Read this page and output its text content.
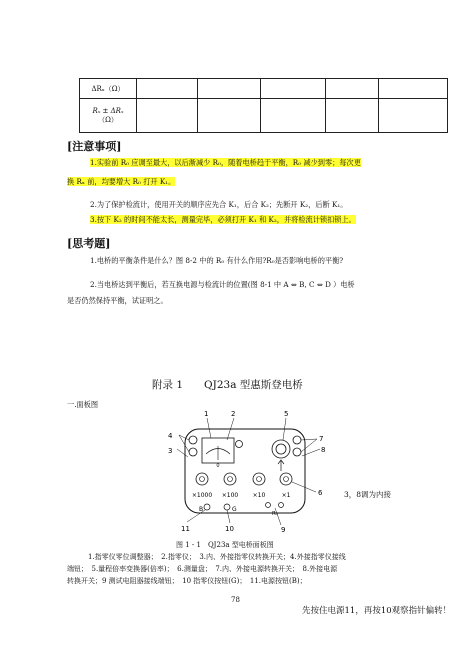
ΔRₓ（Ω）					

Rₓ ± ΔRₓ
（Ω）					

[注意事项]
1.实验前 R₀ 应调至最大，以后渐减少 R₀，随着电桥趋于平衡，R₀ 减少到零；每次更
换 Rₓ 前，均要增大 R₀ 打开 K₁。
2.为了保护检流计，使用开关的顺序应先合 K₁，后合 K₂；先断开 K₂，后断 K₁。
3.按下 K₂ 的时间不能太长，测量完毕，必须打开 K₁ 和 K₂，并将检流计锁扣锁上。
[思考题]
1.电桥的平衡条件是什么？图 8-2 中的 R₀ 有什么作用?R₀是否影响电桥的平衡?
2.当电桥达到平衡后，若互换电源与检流计的位置(图 8-1 中 A ⇔ B, C ⇔ D ）电桥
是否仍然保持平衡，试证明之。
附录 1　　QJ23a 型惠斯登电桥
一.面板图
0
×1000 ×100 ×10	×1
B	G
Rₓ
1	2
3
4
5
6
7
8
9
10
11
3，8调为内接
图 1 - 1　QJ23a 型电桥面板图
1.指零仪零位调整器；　2.指零仪；　3.内、外接指零仪转换开关；4.外接指零仪接线
端钮；　5.量程倍率变换器(倍率)；　6.测量盘；　7.内、外接电源转换开关；　8.外接电源
转换开关；9 测试电阻器接线端钮；　10 指零仪按钮(G)；　11.电源按钮(B)；
78
先按住电源11，再按10观察指针偏转！
